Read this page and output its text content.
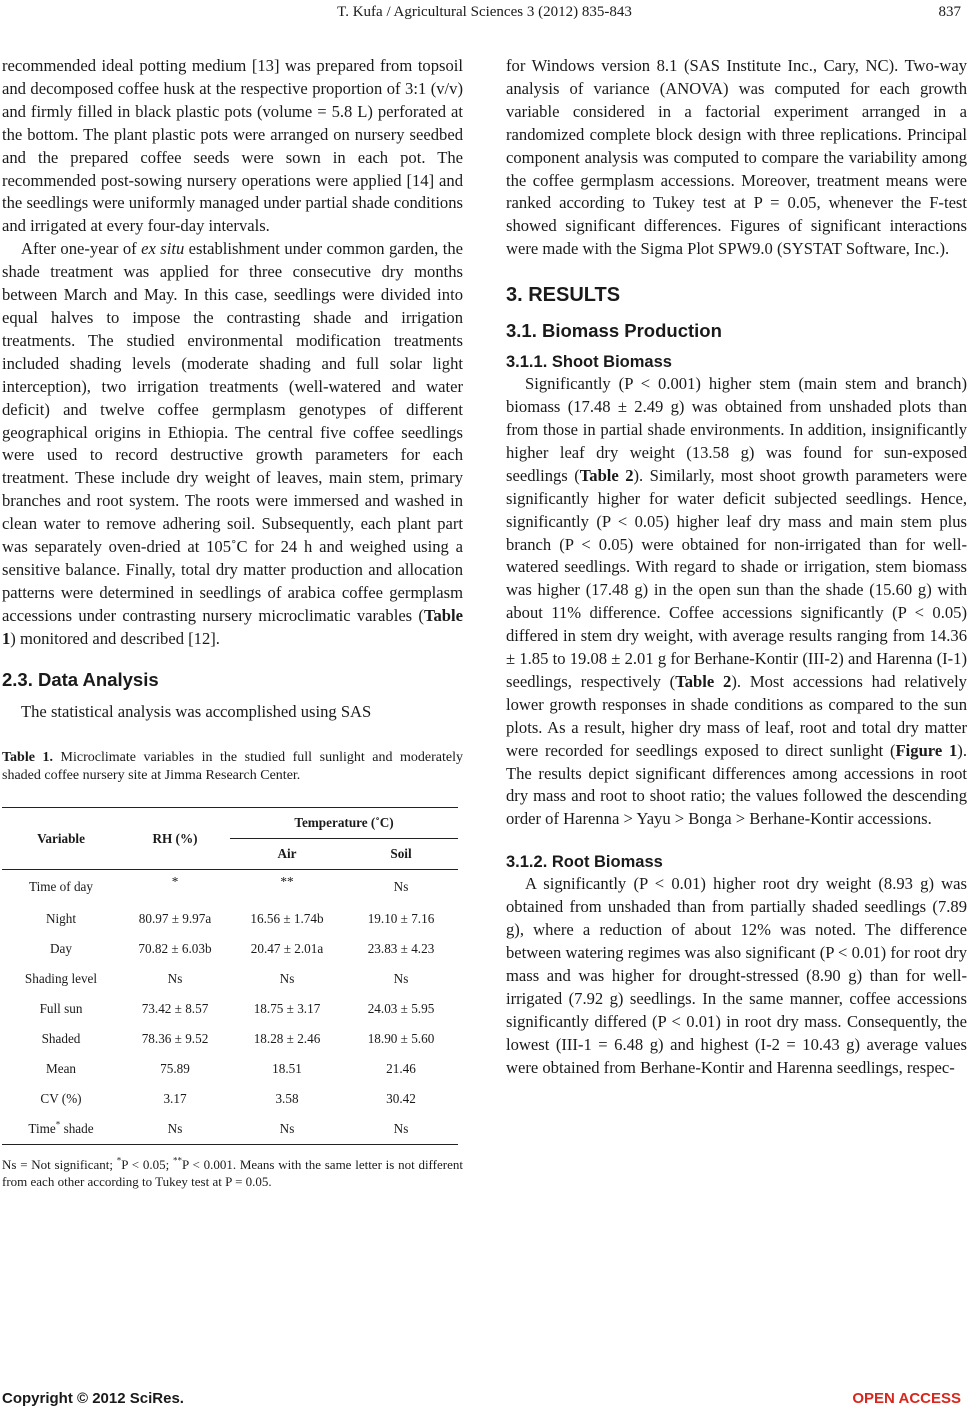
T. Kufa / Agricultural Sciences 3 (2012) 835-843	837

recommended ideal potting medium [13] was prepared from topsoil and decomposed coffee husk at the respective proportion of 3:1 (v/v) and firmly filled in black plastic pots (volume = 5.8 L) perforated at the bottom. The plant plastic pots were arranged on nursery seedbed and the prepared coffee seeds were sown in each pot. The recommended post-sowing nursery operations were applied [14] and the seedlings were uniformly managed under partial shade conditions and irrigated at every four-day intervals.

After one-year of ex situ establishment under common garden, the shade treatment was applied for three consecutive dry months between March and May. In this case, seedlings were divided into equal halves to impose the contrasting shade and irrigation treatments. The studied environmental modification treatments included shading levels (moderate shading and full solar light interception), two irrigation treatments (well-watered and water deficit) and twelve coffee germplasm genotypes of different geographical origins in Ethiopia. The central five coffee seedlings were used to record destructive growth parameters for each treatment. These include dry weight of leaves, main stem, primary branches and root system. The roots were immersed and washed in clean water to remove adhering soil. Subsequently, each plant part was separately oven-dried at 105˚C for 24 h and weighed using a sensitive balance. Finally, total dry matter production and allocation patterns were determined in seedlings of arabica coffee germplasm accessions under contrasting nursery microclimatic varables (Table 1) monitored and described [12].

2.3. Data Analysis

The statistical analysis was accomplished using SAS

Table 1. Microclimate variables in the studied full sunlight and moderately shaded coffee nursery site at Jimma Research Center.

Variable	RH (%)	Temperature (˚C)	
		Air	Soil
Time of day	*	**	Ns
Night	80.97 ± 9.97a	16.56 ± 1.74b	19.10 ± 7.16
Day	70.82 ± 6.03b	20.47 ± 2.01a	23.83 ± 4.23
Shading level	Ns	Ns	Ns
Full sun	73.42 ± 8.57	18.75 ± 3.17	24.03 ± 5.95
Shaded	78.36 ± 9.52	18.28 ± 2.46	18.90 ± 5.60
Mean	75.89	18.51	21.46
CV (%)	3.17	3.58	30.42
Time* shade	Ns	Ns	Ns

Ns = Not significant; *P < 0.05; **P < 0.001. Means with the same letter is not different from each other according to Tukey test at P = 0.05.

for Windows version 8.1 (SAS Institute Inc., Cary, NC). Two-way analysis of variance (ANOVA) was computed for each growth variable considered in a factorial experiment arranged in a randomized complete block design with three replications. Principal component analysis was computed to compare the variability among the coffee germplasm accessions. Moreover, treatment means were ranked according to Tukey test at P = 0.05, whenever the F-test showed significant differences. Figures of significant interactions were made with the Sigma Plot SPW9.0 (SYSTAT Software, Inc.).

3. RESULTS
3.1. Biomass Production
3.1.1. Shoot Biomass

Significantly (P < 0.001) higher stem (main stem and branch) biomass (17.48 ± 2.49 g) was obtained from unshaded plots than from those in partial shade environments. In addition, insignificantly higher leaf dry weight (13.58 g) was found for sun-exposed seedlings (Table 2). Similarly, most shoot growth parameters were significantly higher for water deficit subjected seedlings. Hence, significantly (P < 0.05) higher leaf dry mass and main stem plus branch (P < 0.05) were obtained for non-irrigated than for well-watered seedlings. With regard to shade or irrigation, stem biomass was higher (17.48 g) in the open sun than the shade (15.60 g) with about 11% difference. Coffee accessions significantly (P < 0.05) differed in stem dry weight, with average results ranging from 14.36 ± 1.85 to 19.08 ± 2.01 g for Berhane-Kontir (III-2) and Harenna (I-1) seedlings, respectively (Table 2). Most accessions had relatively lower growth responses in shade conditions as compared to the sun plots. As a result, higher dry mass of leaf, root and total dry matter were recorded for seedlings exposed to direct sunlight (Figure 1). The results depict significant differences among accessions in root dry mass and root to shoot ratio; the values followed the descending order of Harenna > Yayu > Bonga > Berhane-Kontir accessions.

3.1.2. Root Biomass

A significantly (P < 0.01) higher root dry weight (8.93 g) was obtained from unshaded than from partially shaded seedlings (7.89 g), where a reduction of about 12% was noted. The difference between watering regimes was also significant (P < 0.01) for root dry mass and was higher for drought-stressed (8.90 g) than for well-irrigated (7.92 g) seedlings. In the same manner, coffee accessions significantly differed (P < 0.01) in root dry mass. Consequently, the lowest (III-1 = 6.48 g) and highest (I-2 = 10.43 g) average values were obtained from Berhane-Kontir and Harenna seedlings, respec-

Copyright © 2012 SciRes.	OPEN ACCESS
